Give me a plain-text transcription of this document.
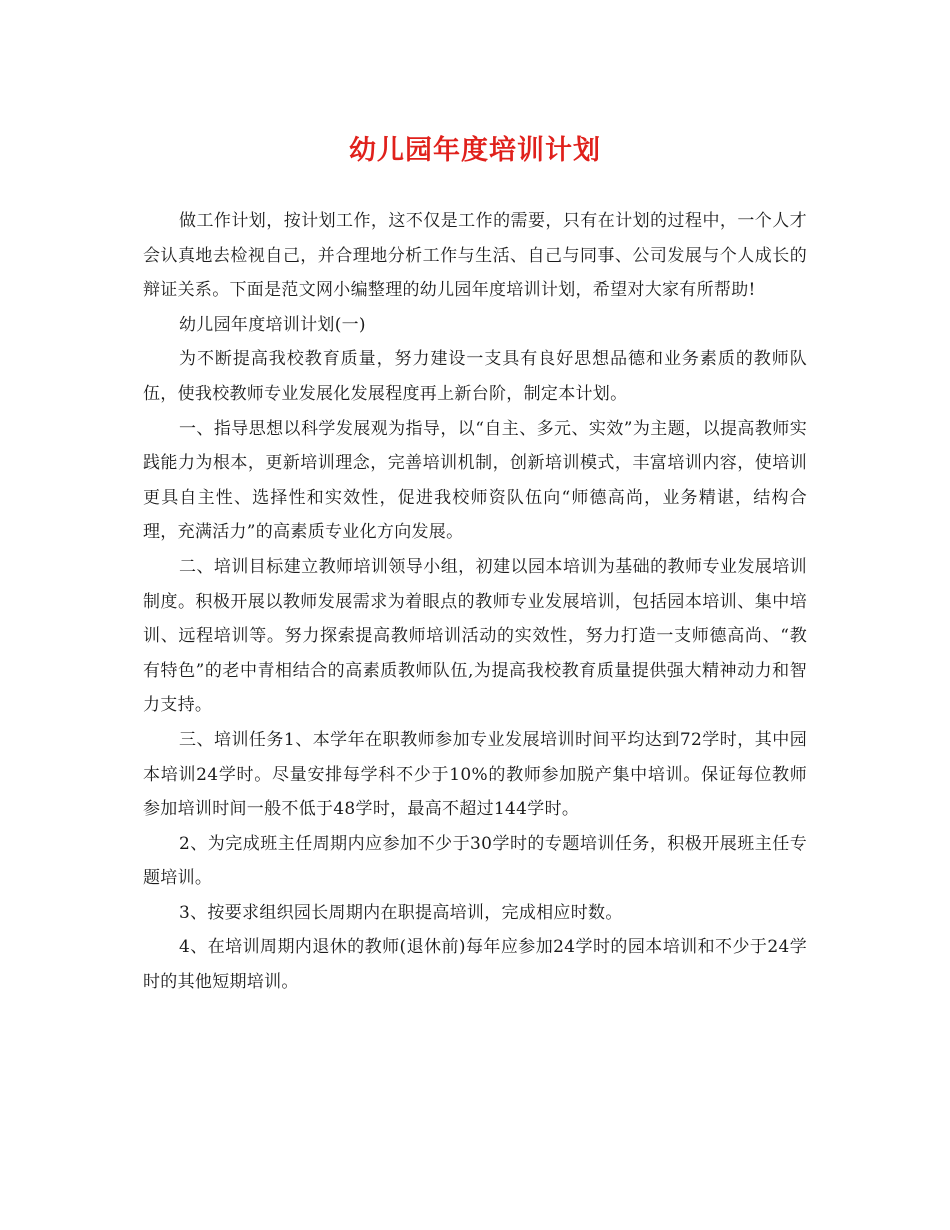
幼儿园年度培训计划

做工作计划，按计划工作，这不仅是工作的需要，只有在计划的过程中，一个人才会认真地去检视自己，并合理地分析工作与生活、自己与同事、公司发展与个人成长的辩证关系。下面是范文网小编整理的幼儿园年度培训计划，希望对大家有所帮助!

幼儿园年度培训计划(一)

为不断提高我校教育质量，努力建设一支具有良好思想品德和业务素质的教师队伍，使我校教师专业发展化发展程度再上新台阶，制定本计划。

一、指导思想以科学发展观为指导，以“自主、多元、实效”为主题，以提高教师实践能力为根本，更新培训理念，完善培训机制，创新培训模式，丰富培训内容，使培训更具自主性、选择性和实效性，促进我校师资队伍向“师德高尚，业务精谌，结构合理，充满活力”的高素质专业化方向发展。

二、培训目标建立教师培训领导小组，初建以园本培训为基础的教师专业发展培训制度。积极开展以教师发展需求为着眼点的教师专业发展培训，包括园本培训、集中培训、远程培训等。努力探索提高教师培训活动的实效性，努力打造一支师德高尚、“教有特色”的老中青相结合的高素质教师队伍,为提高我校教育质量提供强大精神动力和智力支持。

三、培训任务1、本学年在职教师参加专业发展培训时间平均达到72学时，其中园本培训24学时。尽量安排每学科不少于10%的教师参加脱产集中培训。保证每位教师参加培训时间一般不低于48学时，最高不超过144学时。

2、为完成班主任周期内应参加不少于30学时的专题培训任务，积极开展班主任专题培训。

3、按要求组织园长周期内在职提高培训，完成相应时数。

4、在培训周期内退休的教师(退休前)每年应参加24学时的园本培训和不少于24学时的其他短期培训。
